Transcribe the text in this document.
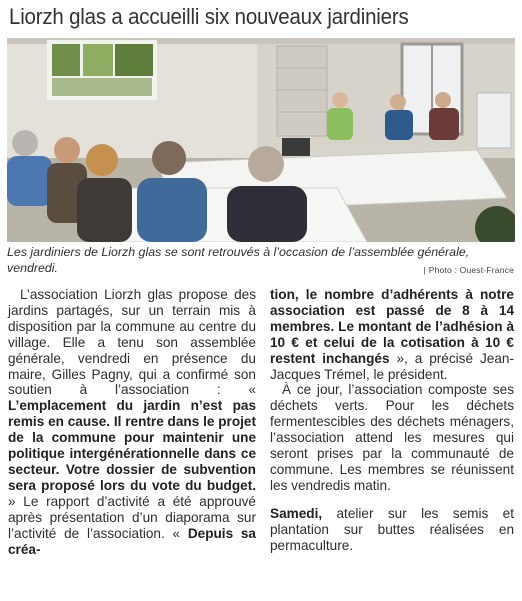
Liorzh glas a accueilli six nouveaux jardiniers
Les jardiniers de Liorzh glas se sont retrouvés à l’occasion de l’assemblée générale, vendredi.	| Photo : Ouest-France

L’association Liorzh glas propose des jardins partagés, sur un terrain mis à disposition par la commune au centre du village. Elle a tenu son assemblée générale, vendredi en présence du maire, Gilles Pagny, qui a confirmé son soutien à l’association : « L’emplacement du jardin n’est pas remis en cause. Il rentre dans le projet de la commune pour maintenir une politique intergénérationnelle dans ce secteur. Votre dossier de subvention sera proposé lors du vote du budget. » Le rapport d’activité a été approuvé après présentation d’un diaporama sur l’activité de l’association. « Depuis sa créa-

tion, le nombre d’adhérents à notre association est passé de 8 à 14 membres. Le montant de l’adhésion à 10 € et celui de la cotisation à 10 € restent inchangés », a précisé Jean-Jacques Trémel, le président.

À ce jour, l’association composte ses déchets verts. Pour les déchets fermentescibles des déchets ménagers, l’association attend les mesures qui seront prises par la communauté de commune. Les membres se réunissent les vendredis matin.

Samedi, atelier sur les semis et plantation sur buttes réalisées en permaculture.
